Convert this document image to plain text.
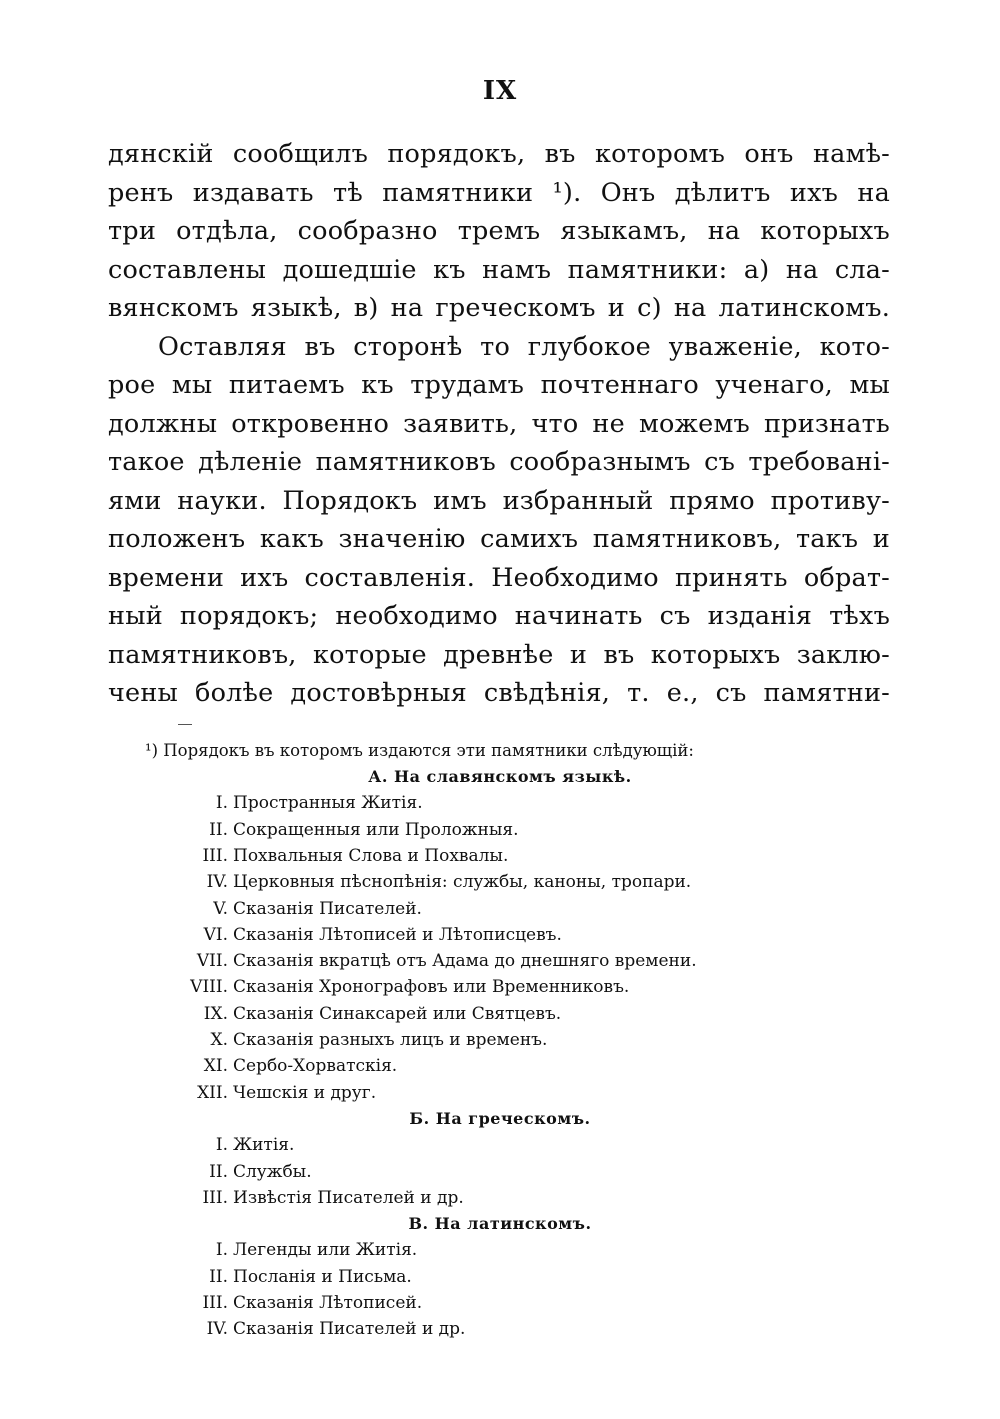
IX
дянскій сообщилъ порядокъ, въ которомъ онъ намѣ-
ренъ издавать тѣ памятники ¹). Онъ дѣлитъ ихъ на
три отдѣла, сообразно тремъ языкамъ, на которыхъ
составлены дошедшіе къ намъ памятники: а) на сла-
вянскомъ языкѣ, в) на греческомъ и с) на латинскомъ.
Оставляя въ сторонѣ то глубокое уваженіе, кото-
рое мы питаемъ къ трудамъ почтеннаго ученаго, мы
должны откровенно заявить, что не можемъ признать
такое дѣленіе памятниковъ сообразнымъ съ требовані-
ями науки. Порядокъ имъ избранный прямо противу-
положенъ какъ значенію самихъ памятниковъ, такъ и
времени ихъ составленія. Необходимо принять обрат-
ный порядокъ; необходимо начинать съ изданія тѣхъ
памятниковъ, которые древнѣе и въ которыхъ заклю-
чены болѣе достовѣрныя свѣдѣнія, т. е., съ памятни-
¹) Порядокъ въ которомъ издаются эти памятники слѣдующій:
А. На славянскомъ языкѣ.
I. Пространныя Житія.
II. Сокращенныя или Проложныя.
III. Похвальныя Слова и Похвалы.
IV. Церковныя пѣснопѣнія: службы, каноны, тропари.
V. Сказанія Писателей.
VI. Сказанія Лѣтописей и Лѣтописцевъ.
VII. Сказанія вкратцѣ отъ Адама до днешняго времени.
VIII. Сказанія Хронографовъ или Временниковъ.
IX. Сказанія Синаксарей или Святцевъ.
X. Сказанія разныхъ лицъ и временъ.
XI. Сербо-Хорватскія.
XII. Чешскія и друг.
Б. На греческомъ.
I. Житія.
II. Службы.
III. Извѣстія Писателей и др.
В. На латинскомъ.
I. Легенды или Житія.
II. Посланія и Письма.
III. Сказанія Лѣтописей.
IV. Сказанія Писателей и др.
